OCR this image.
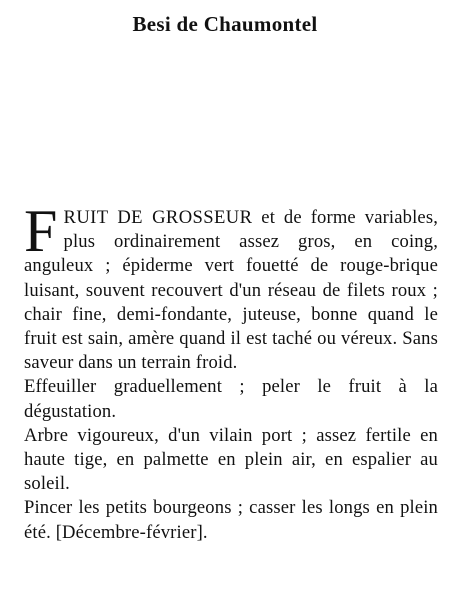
Besi de Chaumontel

FRUIT DE GROSSEUR et de forme variables, plus ordinairement assez gros, en coing, anguleux ; épiderme vert fouetté de rouge-brique luisant, souvent recouvert d'un réseau de filets roux ; chair fine, demi-fondante, juteuse, bonne quand le fruit est sain, amère quand il est taché ou véreux. Sans saveur dans un terrain froid.

Effeuiller graduellement ; peler le fruit à la dégustation.

Arbre vigoureux, d'un vilain port ; assez fertile en haute tige, en palmette en plein air, en espalier au soleil.

Pincer les petits bourgeons ; casser les longs en plein été. [Décembre-février].
